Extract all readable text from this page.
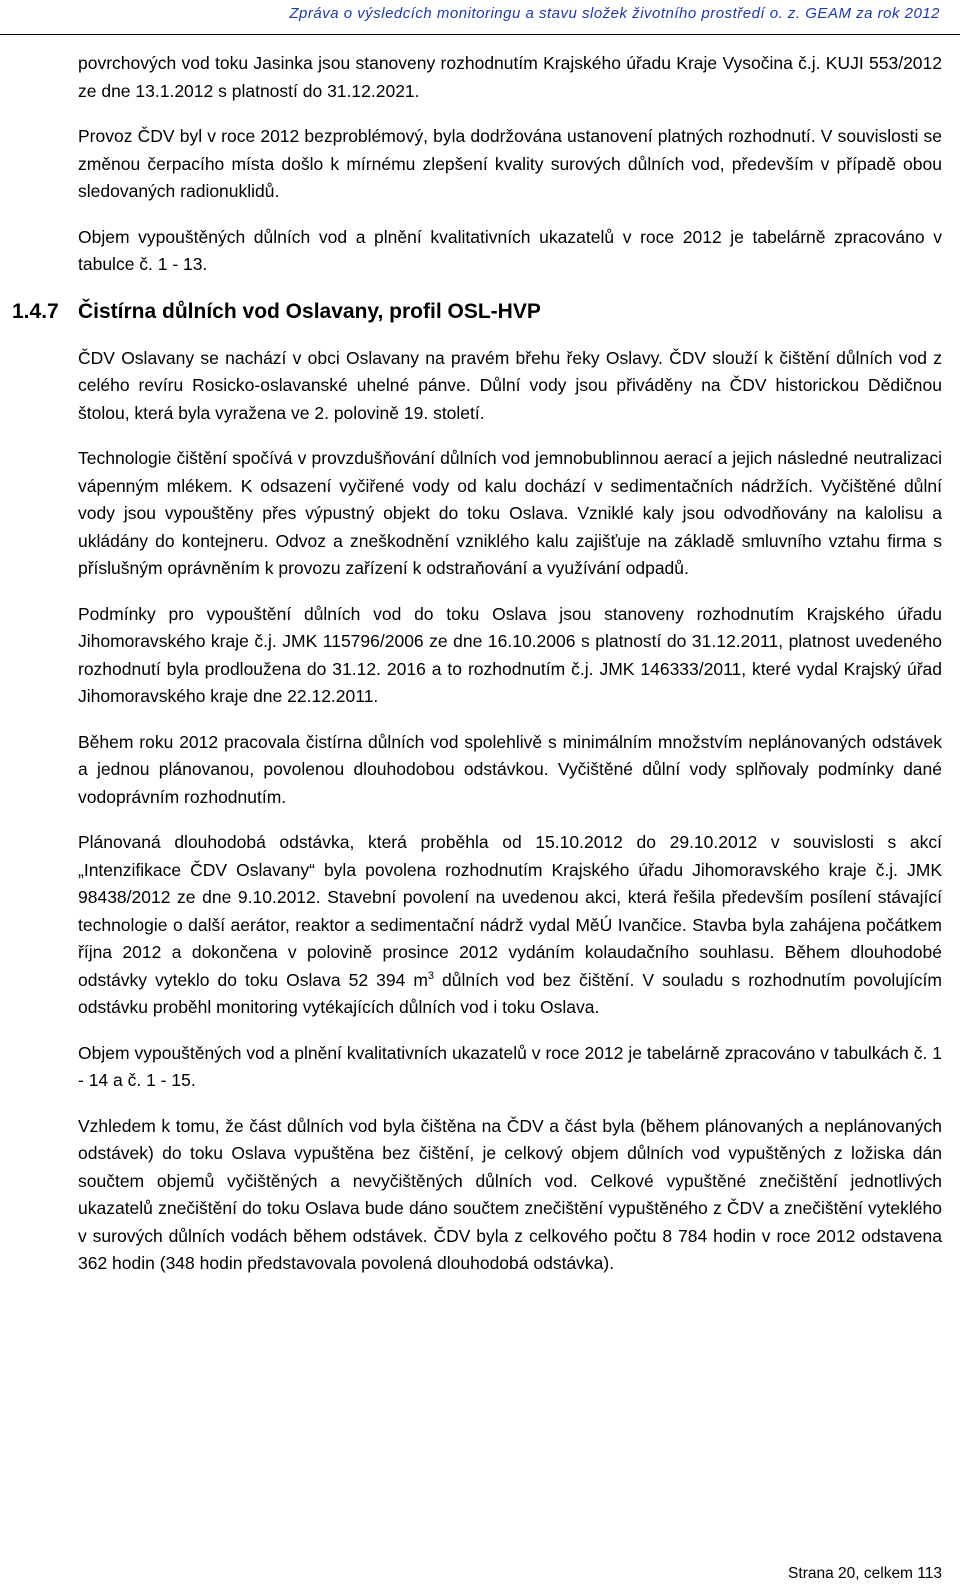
Zpráva o výsledcích monitoringu a stavu složek životního prostředí o. z. GEAM za rok 2012

povrchových vod toku Jasinka jsou stanoveny rozhodnutím Krajského úřadu Kraje Vysočina č.j. KUJI 553/2012 ze dne 13.1.2012 s platností do 31.12.2021.

Provoz ČDV byl v roce 2012 bezproblémový, byla dodržována ustanovení platných rozhodnutí. V souvislosti se změnou čerpacího místa došlo k mírnému zlepšení kvality surových důlních vod, především v případě obou sledovaných radionuklidů.

Objem vypouštěných důlních vod a plnění kvalitativních ukazatelů v roce 2012 je tabelárně zpracováno v tabulce č. 1 - 13.

1.4.7 Čistírna důlních vod Oslavany, profil OSL-HVP

ČDV Oslavany se nachází v obci Oslavany na pravém břehu řeky Oslavy. ČDV slouží k čištění důlních vod z celého revíru Rosicko-oslavanské uhelné pánve. Důlní vody jsou přiváděny na ČDV historickou Dědičnou štolou, která byla vyražena ve 2. polovině 19. století.

Technologie čištění spočívá v provzdušňování důlních vod jemnobublinnou aerací a jejich následné neutralizaci vápenným mlékem. K odsazení vyčiřené vody od kalu dochází v sedimentačních nádržích. Vyčištěné důlní vody jsou vypouštěny přes výpustný objekt do toku Oslava. Vzniklé kaly jsou odvodňovány na kalolisu a ukládány do kontejneru. Odvoz a zneškodnění vzniklého kalu zajišťuje na základě smluvního vztahu firma s příslušným oprávněním k provozu zařízení k odstraňování a využívání odpadů.

Podmínky pro vypouštění důlních vod do toku Oslava jsou stanoveny rozhodnutím Krajského úřadu Jihomoravského kraje č.j. JMK 115796/2006 ze dne 16.10.2006 s platností do 31.12.2011, platnost uvedeného rozhodnutí byla prodloužena do 31.12. 2016 a to rozhodnutím č.j. JMK 146333/2011, které vydal Krajský úřad Jihomoravského kraje dne 22.12.2011.

Během roku 2012 pracovala čistírna důlních vod spolehlivě s minimálním množstvím neplánovaných odstávek a jednou plánovanou, povolenou dlouhodobou odstávkou. Vyčištěné důlní vody splňovaly podmínky dané vodoprávním rozhodnutím.

Plánovaná dlouhodobá odstávka, která proběhla od 15.10.2012 do 29.10.2012 v souvislosti s akcí „Intenzifikace ČDV Oslavany“ byla povolena rozhodnutím Krajského úřadu Jihomoravského kraje č.j. JMK 98438/2012 ze dne 9.10.2012. Stavební povolení na uvedenou akci, která řešila především posílení stávající technologie o další aerátor, reaktor a sedimentační nádrž vydal MěÚ Ivančice. Stavba byla zahájena počátkem října 2012 a dokončena v polovině prosince 2012 vydáním kolaudačního souhlasu. Během dlouhodobé odstávky vyteklo do toku Oslava 52 394 $m^3$ důlních vod bez čištění. V souladu s rozhodnutím povolujícím odstávku proběhl monitoring vytékajících důlních vod i toku Oslava.

Objem vypouštěných vod a plnění kvalitativních ukazatelů v roce 2012 je tabelárně zpracováno v tabulkách č. 1 - 14 a č. 1 - 15.

Vzhledem k tomu, že část důlních vod byla čištěna na ČDV a část byla (během plánovaných a neplánovaných odstávek) do toku Oslava vypuštěna bez čištění, je celkový objem důlních vod vypuštěných z ložiska dán součtem objemů vyčištěných a nevyčištěných důlních vod. Celkové vypuštěné znečištění jednotlivých ukazatelů znečištění do toku Oslava bude dáno součtem znečištění vypuštěného z ČDV a znečištění vyteklého v surových důlních vodách během odstávek. ČDV byla z celkového počtu 8 784 hodin v roce 2012 odstavena 362 hodin (348 hodin představovala povolená dlouhodobá odstávka).

Strana 20, celkem 113
